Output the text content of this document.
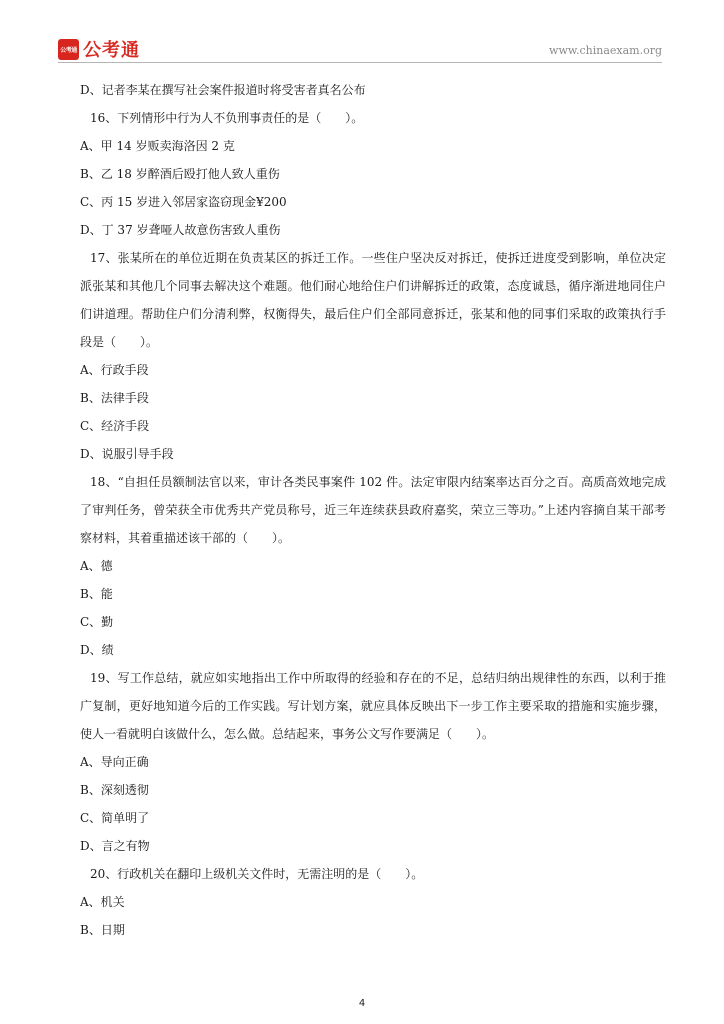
公考通 公考通	www.chinaexam.org

D、记者李某在撰写社会案件报道时将受害者真名公布

16、下列情形中行为人不负刑事责任的是（　　）。

A、甲 14 岁贩卖海洛因 2 克

B、乙 18 岁醉酒后殴打他人致人重伤

C、丙 15 岁进入邻居家盗窃现金¥200

D、丁 37 岁聋哑人故意伤害致人重伤

17、张某所在的单位近期在负责某区的拆迁工作。一些住户坚决反对拆迁，使拆迁进度受到影响，单位决定派张某和其他几个同事去解决这个难题。他们耐心地给住户们讲解拆迁的政策，态度诚恳，循序渐进地同住户们讲道理。帮助住户们分清利弊，权衡得失，最后住户们全部同意拆迁，张某和他的同事们采取的政策执行手段是（　　）。

A、行政手段

B、法律手段

C、经济手段

D、说服引导手段

18、“自担任员额制法官以来，审计各类民事案件 102 件。法定审限内结案率达百分之百。高质高效地完成了审判任务，曾荣获全市优秀共产党员称号，近三年连续获县政府嘉奖，荣立三等功。”上述内容摘自某干部考察材料，其着重描述该干部的（　　）。

A、德

B、能

C、勤

D、绩

19、写工作总结，就应如实地指出工作中所取得的经验和存在的不足，总结归纳出规律性的东西，以利于推广复制，更好地知道今后的工作实践。写计划方案，就应具体反映出下一步工作主要采取的措施和实施步骤，使人一看就明白该做什么，怎么做。总结起来，事务公文写作要满足（　　）。

A、导向正确

B、深刻透彻

C、简单明了

D、言之有物

20、行政机关在翻印上级机关文件时，无需注明的是（　　）。

A、机关

B、日期

4
